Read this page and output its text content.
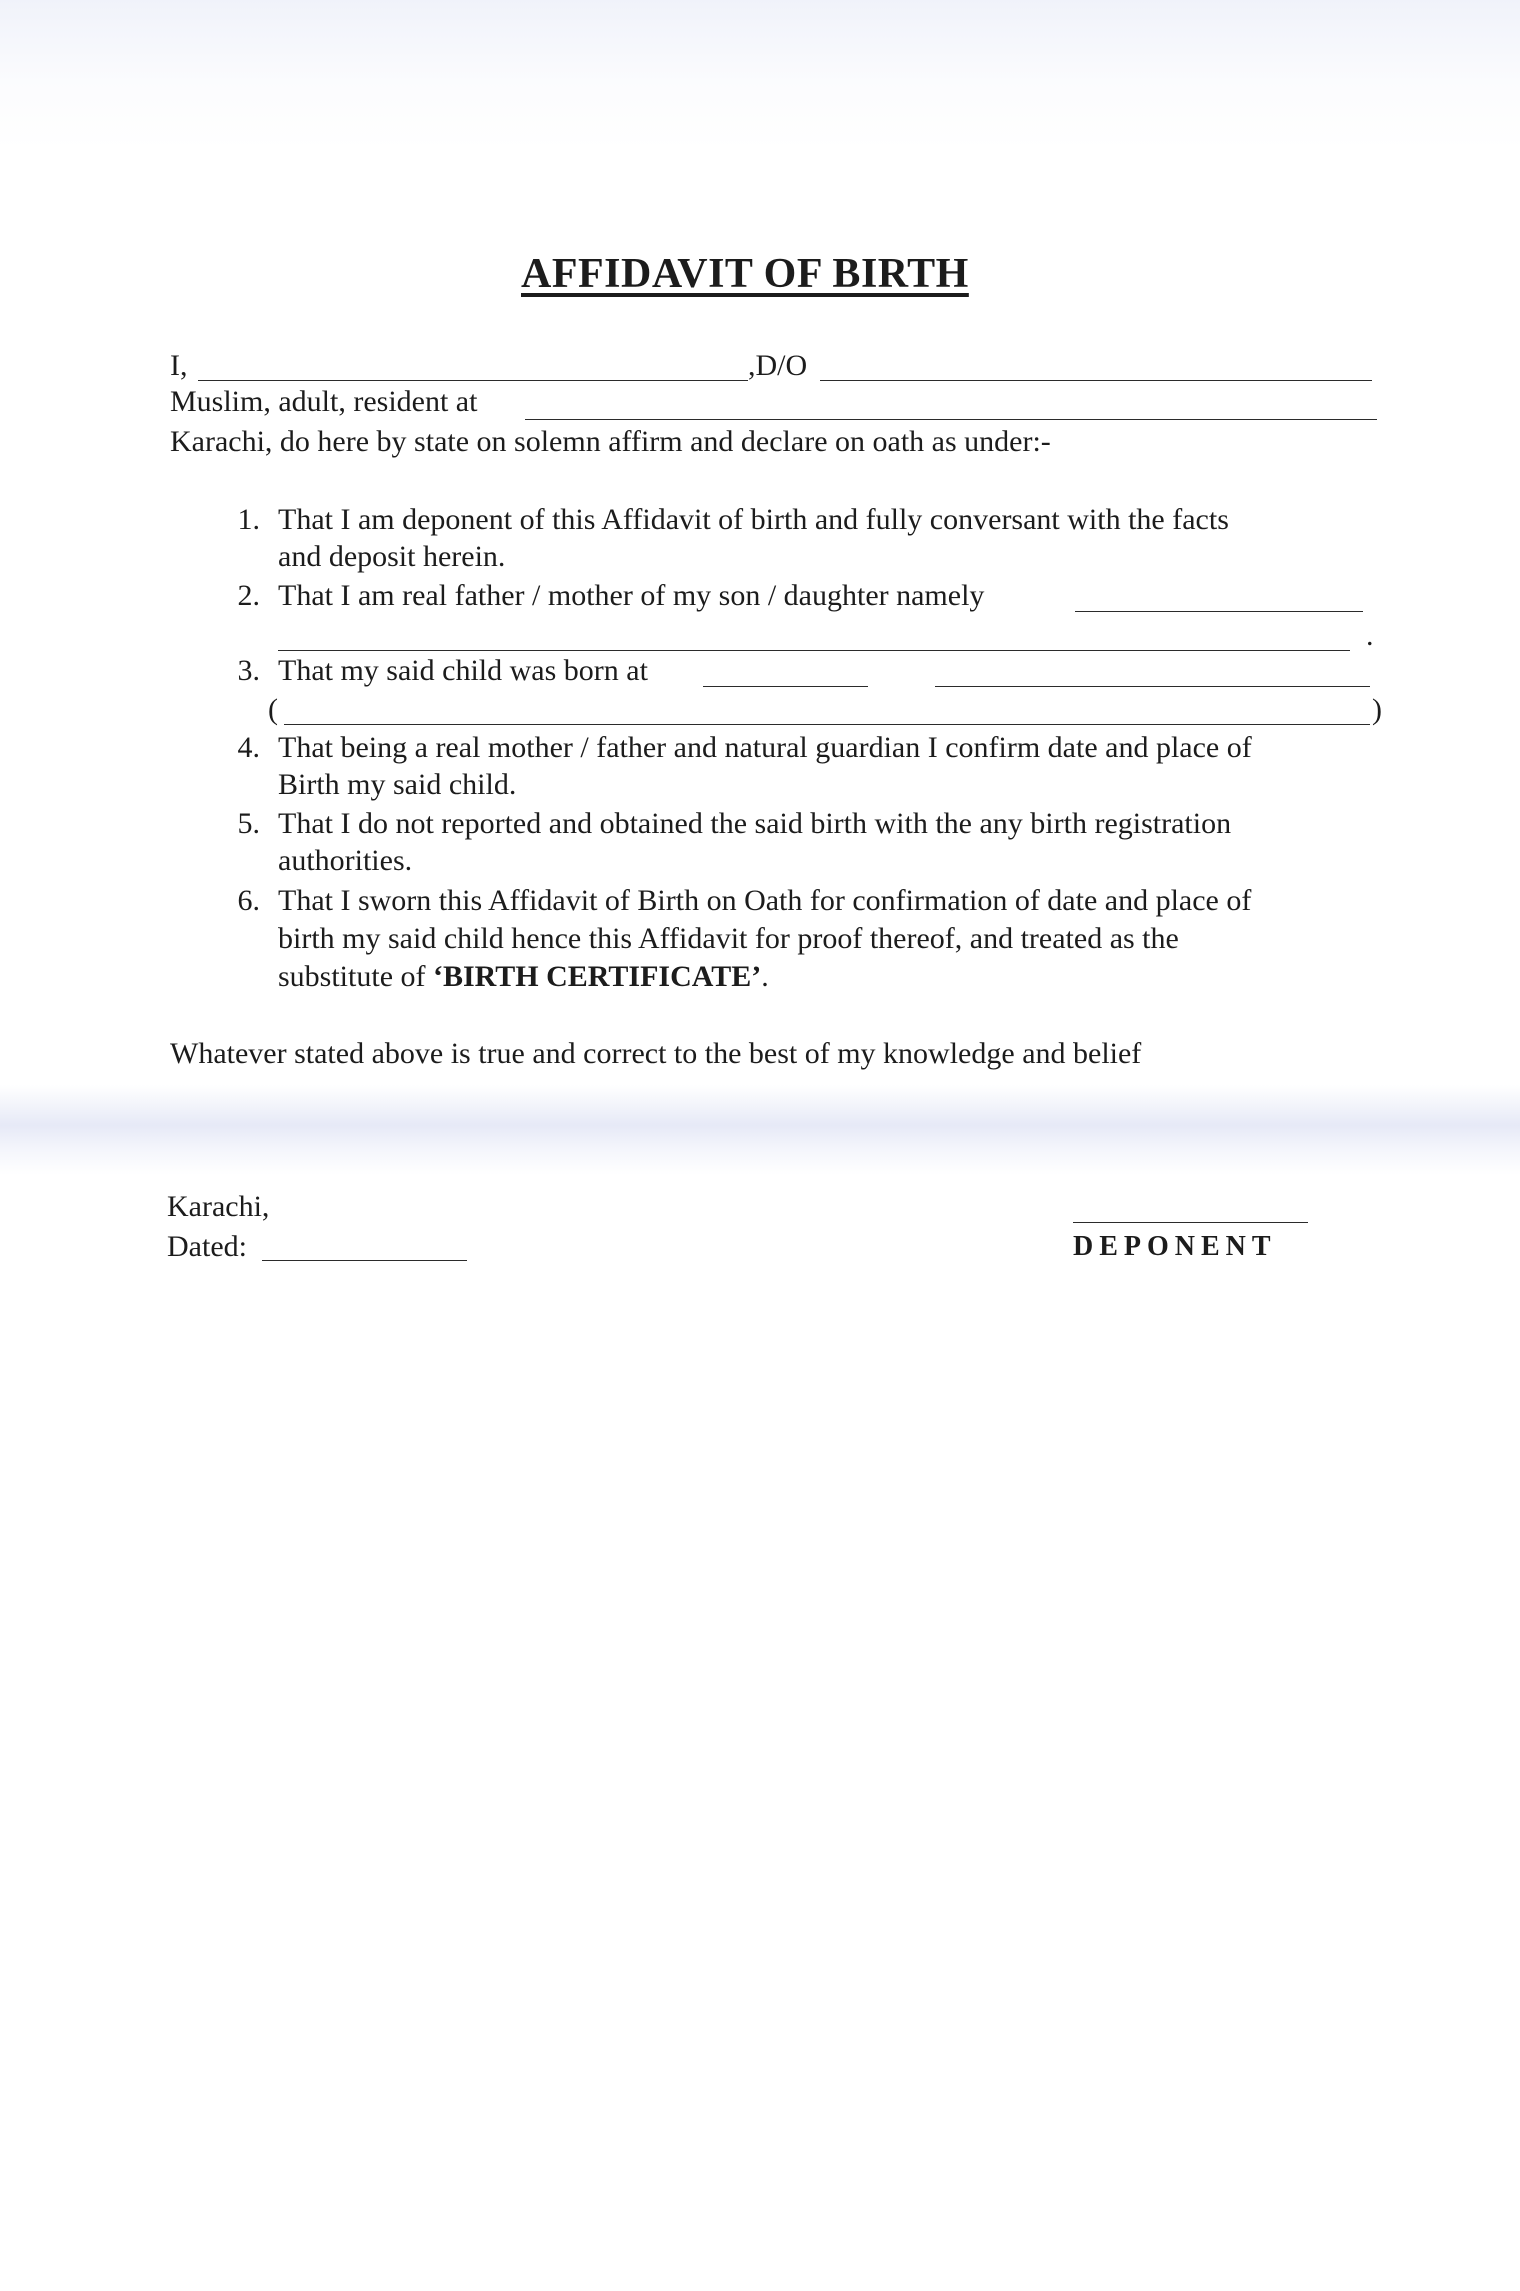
AFFIDAVIT OF BIRTH
I,	,D/O
Muslim, adult, resident at
Karachi, do here by state on solemn affirm and declare on oath as under:-
1. That I am deponent of this Affidavit of birth and fully conversant with the facts
and deposit herein.
2. That I am real father / mother of my son / daughter namely
.
3. That my said child was born at
(	)
4. That being a real mother / father and natural guardian I confirm date and place of
Birth my said child.
5. That I do not reported and obtained the said birth with the any birth registration
authorities.
6. That I sworn this Affidavit of Birth on Oath for confirmation of date and place of
birth my said child hence this Affidavit for proof thereof, and treated as the
substitute of ‘BIRTH CERTIFICATE’.
Whatever stated above is true and correct to the best of my knowledge and belief
Karachi,
Dated:	DEPONENT
